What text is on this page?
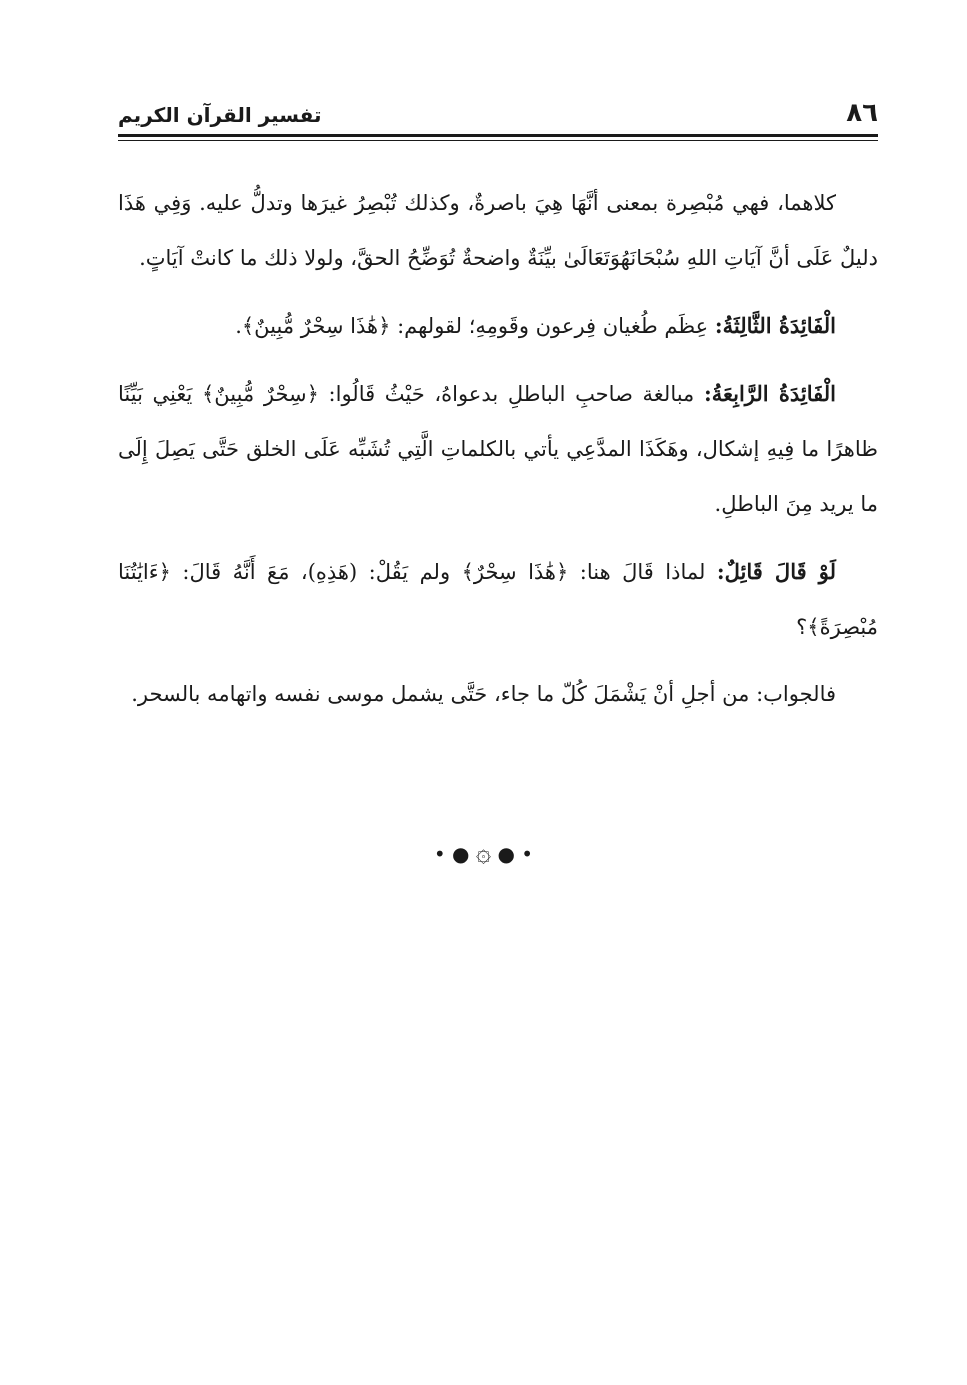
٨٦
تفسير القرآن الكريم

كلاهما، فهي مُبْصِرة بمعنى أنَّهَا هِيَ باصرةٌ، وكذلك تُبْصِرُ غيرَها وتدلُّ عليه. وَفِي هَذَا دليلٌ عَلَى أنَّ آيَاتِ اللهِ سُبْحَانَهُوَتَعَالَىٰ بيِّنَةٌ واضحةٌ تُوَضِّحُ الحقَّ، ولولا ذلك ما كانتْ آيَاتٍ.

الْفَائِدَةُ الثَّالِثَةُ: عِظَم طُغيان فِرعون وقَومِهِ؛ لقولهم: ﴿هَٰذَا سِحْرٌ مُّبِينٌ﴾.

الْفَائِدَةُ الرَّابِعَةُ: مبالغة صاحبِ الباطلِ بدعواهُ، حَيْثُ قَالُوا: ﴿سِحْرٌ مُّبِينٌ﴾ يَعْنِي بَيِّنًا ظاهرًا ما فِيهِ إشكال، وهَكَذَا المدَّعِي يأتي بالكلماتِ الَّتِي تُشَبِّه عَلَى الخلق حَتَّى يَصِلَ إِلَى ما يريد مِنَ الباطلِ.

لَوْ قَالَ قَائِلٌ: لماذا قَالَ هنا: ﴿هَٰذَا سِحْرٌ﴾ ولم يَقُلْ: (هَذِهِ)، مَعَ أَنَّهُ قَالَ: ﴿ءَايَٰتُنَا مُبْصِرَةً﴾؟

فالجواب: من أجلِ أنْ يَشْمَلَ كُلّ ما جاء، حَتَّى يشمل موسى نفسه واتهامه بالسحر.

• ● ۞ ● •
